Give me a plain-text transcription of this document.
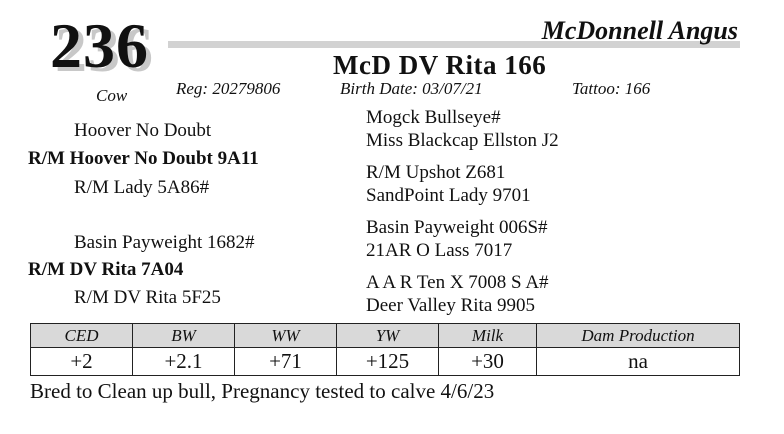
236	McDonnell Angus
McD DV Rita 166
Cow	Reg: 20279806	Birth Date: 03/07/21	Tattoo: 166
Hoover No Doubt
R/M Hoover No Doubt 9A11
R/M Lady 5A86#
Basin Payweight 1682#
R/M DV Rita 7A04
R/M DV Rita 5F25
Mogck Bullseye#
Miss Blackcap Ellston J2
R/M Upshot Z681
SandPoint Lady 9701
Basin Payweight 006S#
21AR O Lass 7017
A A R Ten X 7008 S A#
Deer Valley Rita 9905
CED	BW	WW	YW	Milk	Dam Production
+2	+2.1	+71	+125	+30	na
Bred to Clean up bull, Pregnancy tested to calve 4/6/23
